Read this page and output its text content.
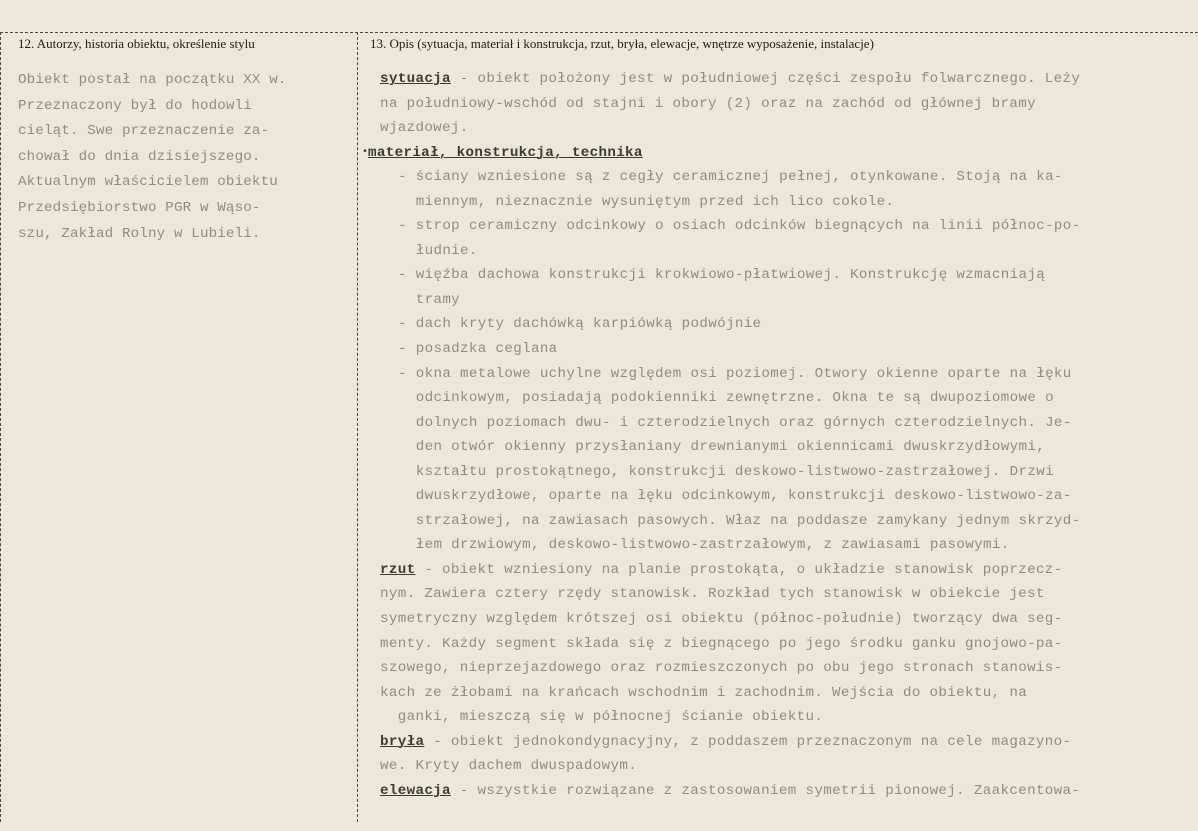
12. Autorzy, historia obiektu, określenie stylu	13. Opis (sytuacja, materiał i konstrukcja, rzut, bryła, elewacje, wnętrze wyposażenie, instalacje)
Obiekt postał na początku XX w.
Przeznaczony był do hodowli
cieląt. Swe przeznaczenie za-
chował do dnia dzisiejszego.
Aktualnym właścicielem obiektu
Przedsiębiorstwo PGR w Wąso-
szu, Zakład Rolny w Lubieli.
sytuacja - obiekt położony jest w południowej części zespołu folwarcznego. Leży
na południowy-wschód od stajni i obory (2) oraz na zachód od głównej bramy
wjazdowej.
• materiał, konstrukcja, technika
- ściany wzniesione są z cegły ceramicznej pełnej, otynkowane. Stoją na ka-
miennym, nieznacznie wysuniętym przed ich lico cokole.
- strop ceramiczny odcinkowy o osiach odcinków biegnących na linii północ-po-
łudnie.
- więźba dachowa konstrukcji krokwiowo-płatwiowej. Konstrukcję wzmacniają
tramy
- dach kryty dachówką karpiówką podwójnie
- posadzka ceglana
- okna metalowe uchylne względem osi poziomej. Otwory okienne oparte na łęku
odcinkowym, posiadają podokienniki zewnętrzne. Okna te są dwupoziomowe o
dolnych poziomach dwu- i czterodzielnych oraz górnych czterodzielnych. Je-
den otwór okienny przysłaniany drewnianymi okiennicami dwuskrzydłowymi,
kształtu prostokątnego, konstrukcji deskowo-listwowo-zastrzałowej. Drzwi
dwuskrzydłowe, oparte na łęku odcinkowym, konstrukcji deskowo-listwowo-za-
strzałowej, na zawiasach pasowych. Właz na poddasze zamykany jednym skrzyd-
łem drzwiowym, deskowo-listwowo-zastrzałowym, z zawiasami pasowymi.
rzut - obiekt wzniesiony na planie prostokąta, o układzie stanowisk poprzecz-
nym. Zawiera cztery rzędy stanowisk. Rozkład tych stanowisk w obiekcie jest
symetryczny względem krótszej osi obiektu (północ-południe) tworzący dwa seg-
menty. Każdy segment składa się z biegnącego po jego środku ganku gnojowo-pa-
szowego, nieprzejazdowego oraz rozmieszczonych po obu jego stronach stanowis-
kach ze żłobami na krańcach wschodnim i zachodnim. Wejścia do obiektu, na
ganki, mieszczą się w północnej ścianie obiektu.
bryła - obiekt jednokondygnacyjny, z poddaszem przeznaczonym na cele magazyno-
we. Kryty dachem dwuspadowym.
elewacja - wszystkie rozwiązane z zastosowaniem symetrii pionowej. Zaakcentowa-
